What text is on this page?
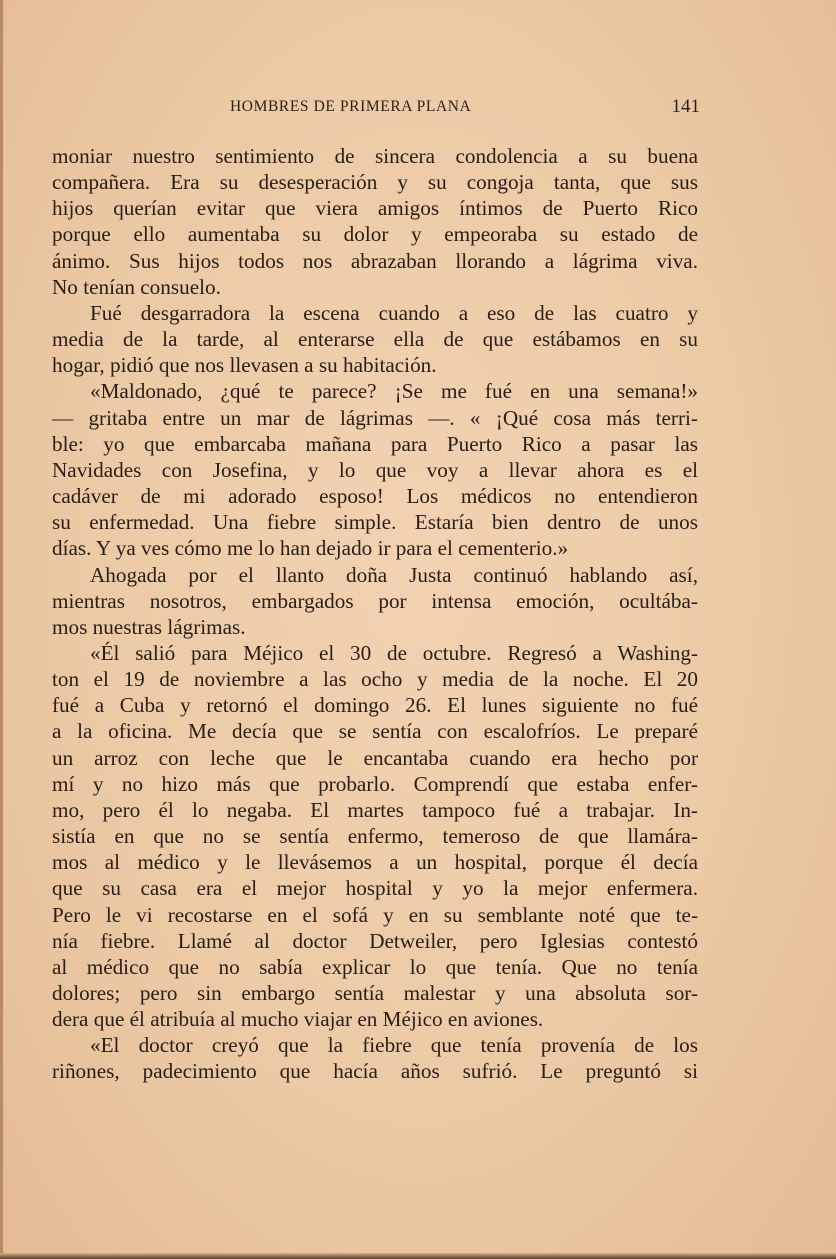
HOMBRES DE PRIMERA PLANA	141
moniar nuestro sentimiento de sincera condolencia a su buena
compañera. Era su desesperación y su congoja tanta, que sus
hijos querían evitar que viera amigos íntimos de Puerto Rico
porque ello aumentaba su dolor y empeoraba su estado de
ánimo. Sus hijos todos nos abrazaban llorando a lágrima viva.
No tenían consuelo.
Fué desgarradora la escena cuando a eso de las cuatro y
media de la tarde, al enterarse ella de que estábamos en su
hogar, pidió que nos llevasen a su habitación.
«Maldonado, ¿qué te parece? ¡Se me fué en una semana!»
— gritaba entre un mar de lágrimas —. « ¡Qué cosa más terri-
ble: yo que embarcaba mañana para Puerto Rico a pasar las
Navidades con Josefina, y lo que voy a llevar ahora es el
cadáver de mi adorado esposo! Los médicos no entendieron
su enfermedad. Una fiebre simple. Estaría bien dentro de unos
días. Y ya ves cómo me lo han dejado ir para el cementerio.»
Ahogada por el llanto doña Justa continuó hablando así,
mientras nosotros, embargados por intensa emoción, ocultába-
mos nuestras lágrimas.
«Él salió para Méjico el 30 de octubre. Regresó a Washing-
ton el 19 de noviembre a las ocho y media de la noche. El 20
fué a Cuba y retornó el domingo 26. El lunes siguiente no fué
a la oficina. Me decía que se sentía con escalofríos. Le preparé
un arroz con leche que le encantaba cuando era hecho por
mí y no hizo más que probarlo. Comprendí que estaba enfer-
mo, pero él lo negaba. El martes tampoco fué a trabajar. In-
sistía en que no se sentía enfermo, temeroso de que llamára-
mos al médico y le llevásemos a un hospital, porque él decía
que su casa era el mejor hospital y yo la mejor enfermera.
Pero le vi recostarse en el sofá y en su semblante noté que te-
nía fiebre. Llamé al doctor Detweiler, pero Iglesias contestó
al médico que no sabía explicar lo que tenía. Que no tenía
dolores; pero sin embargo sentía malestar y una absoluta sor-
dera que él atribuía al mucho viajar en Méjico en aviones.
«El doctor creyó que la fiebre que tenía provenía de los
riñones, padecimiento que hacía años sufrió. Le preguntó si
